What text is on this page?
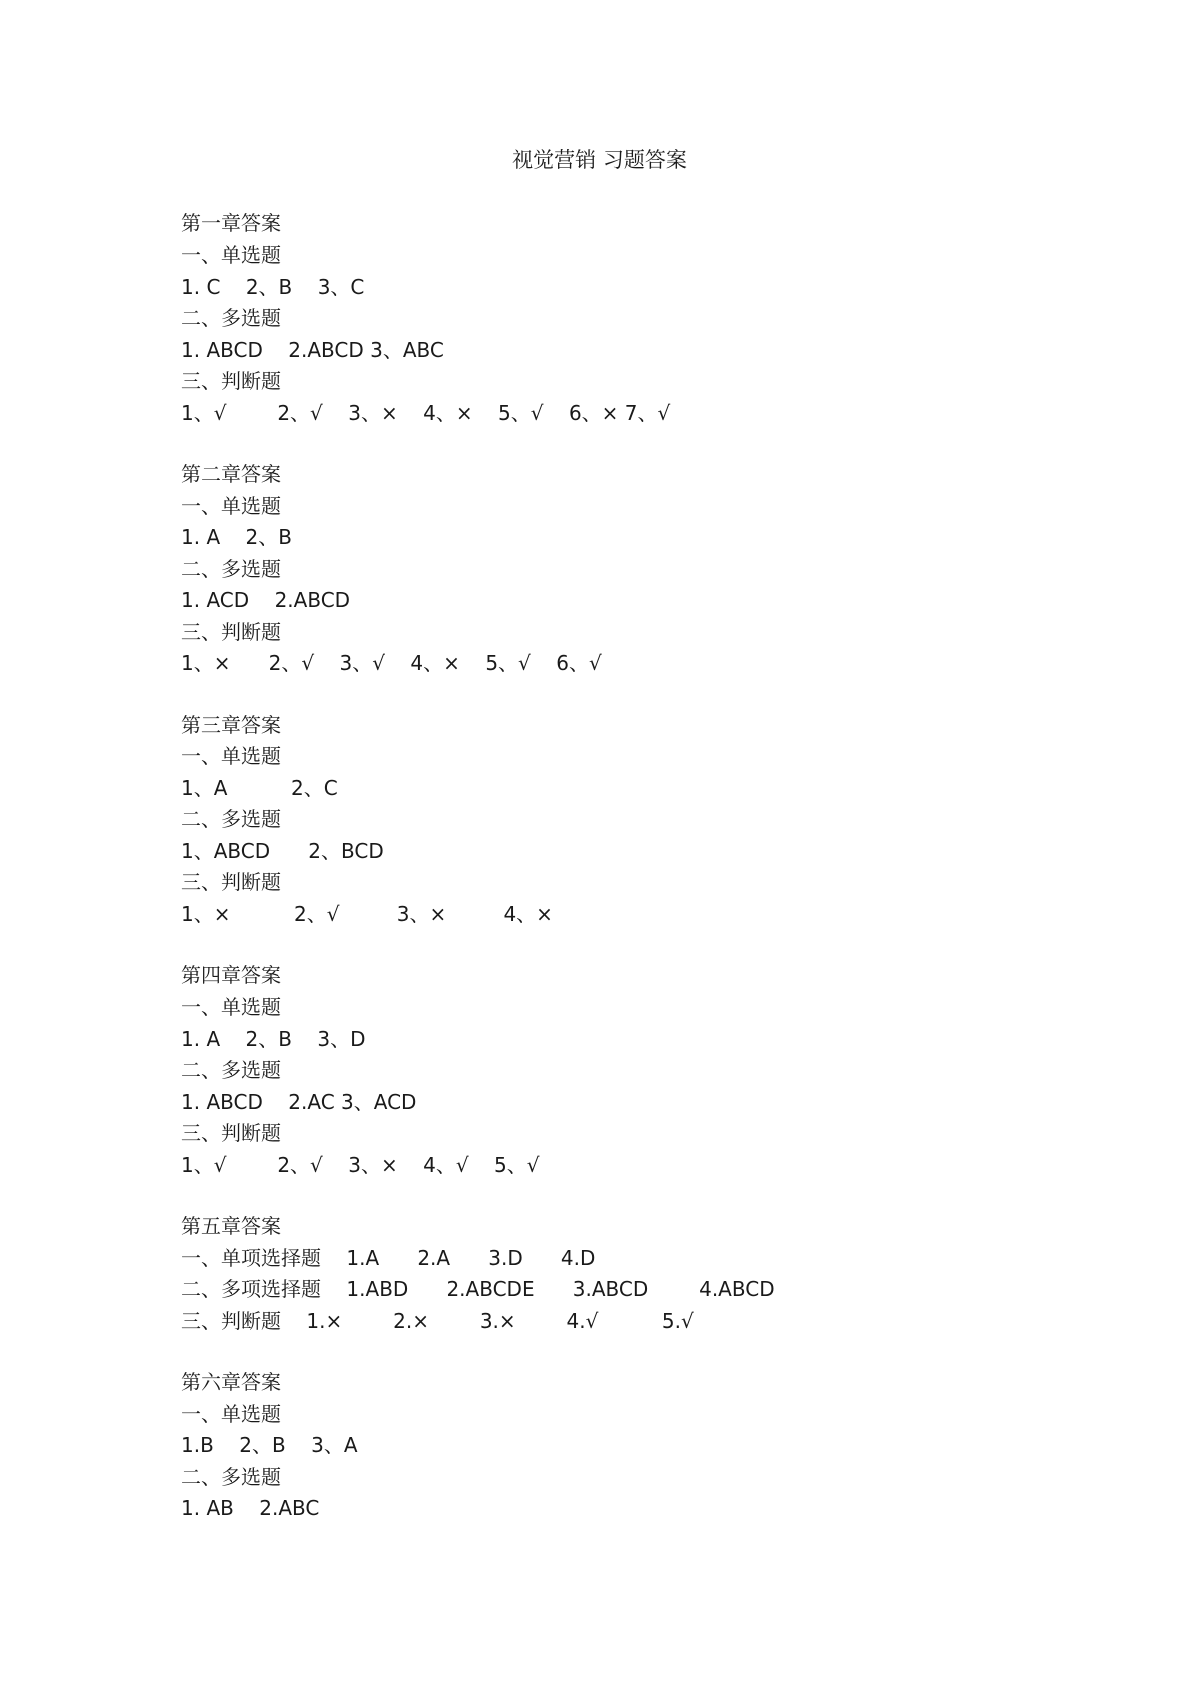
视觉营销 习题答案
第一章答案
一、单选题
1. C    2、B    3、C
二、多选题
1. ABCD    2.ABCD 3、ABC
三、判断题
1、√        2、√    3、×    4、×    5、√    6、× 7、√
第二章答案
一、单选题
1. A    2、B
二、多选题
1. ACD    2.ABCD
三、判断题
1、×      2、√    3、√    4、×    5、√    6、√
第三章答案
一、单选题
1、A          2、C
二、多选题
1、ABCD      2、BCD
三、判断题
1、×          2、√         3、×         4、×
第四章答案
一、单选题
1. A    2、B    3、D
二、多选题
1. ABCD    2.AC 3、ACD
三、判断题
1、√        2、√    3、×    4、√    5、√
第五章答案
一、单项选择题    1.A      2.A      3.D      4.D
二、多项选择题    1.ABD      2.ABCDE      3.ABCD        4.ABCD
三、判断题    1.×        2.×        3.×        4.√          5.√
第六章答案
一、单选题
1.B    2、B    3、A
二、多选题
1. AB    2.ABC
